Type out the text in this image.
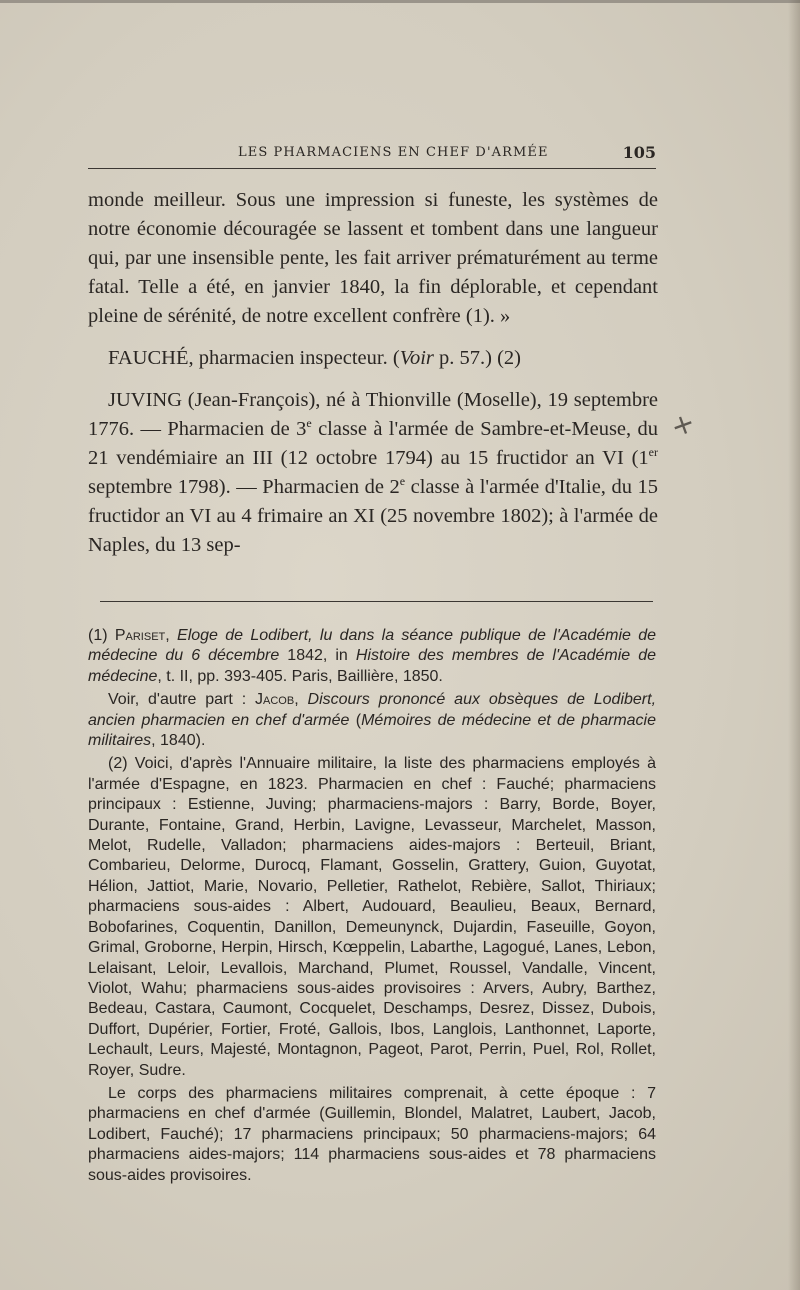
LES PHARMACIENS EN CHEF D'ARMÉE	105

monde meilleur. Sous une impression si funeste, les systèmes de notre économie découragée se lassent et tombent dans une langueur qui, par une insensible pente, les fait arriver prématurément au terme fatal. Telle a été, en janvier 1840, la fin déplorable, et cependant pleine de sérénité, de notre excellent confrère (1). »

FAUCHÉ, pharmacien inspecteur. (Voir p. 57.) (2)

JUVING (Jean-François), né à Thionville (Moselle), 19 septembre 1776. — Pharmacien de 3e classe à l'armée de Sambre-et-Meuse, du 21 vendémiaire an III (12 octobre 1794) au 15 fructidor an VI (1er septembre 1798). — Pharmacien de 2e classe à l'armée d'Italie, du 15 fructidor an VI au 4 frimaire an XI (25 novembre 1802); à l'armée de Naples, du 13 sep-

(1) Pariset, Eloge de Lodibert, lu dans la séance publique de l'Académie de médecine du 6 décembre 1842, in Histoire des membres de l'Académie de médecine, t. II, pp. 393-405. Paris, Baillière, 1850.

Voir, d'autre part : Jacob, Discours prononcé aux obsèques de Lodibert, ancien pharmacien en chef d'armée (Mémoires de médecine et de pharmacie militaires, 1840).

(2) Voici, d'après l'Annuaire militaire, la liste des pharmaciens employés à l'armée d'Espagne, en 1823. Pharmacien en chef : Fauché; pharmaciens principaux : Estienne, Juving; pharmaciens-majors : Barry, Borde, Boyer, Durante, Fontaine, Grand, Herbin, Lavigne, Levasseur, Marchelet, Masson, Melot, Rudelle, Valladon; pharmaciens aides-majors : Berteuil, Briant, Combarieu, Delorme, Durocq, Flamant, Gosselin, Grattery, Guion, Guyotat, Hélion, Jattiot, Marie, Novario, Pelletier, Rathelot, Rebière, Sallot, Thiriaux; pharmaciens sous-aides : Albert, Audouard, Beaulieu, Beaux, Bernard, Bobofarines, Coquentin, Danillon, Demeunynck, Dujardin, Faseuille, Goyon, Grimal, Groborne, Herpin, Hirsch, Kœppelin, Labarthe, Lagogué, Lanes, Lebon, Lelaisant, Leloir, Levallois, Marchand, Plumet, Roussel, Vandalle, Vincent, Violot, Wahu; pharmaciens sous-aides provisoires : Arvers, Aubry, Barthez, Bedeau, Castara, Caumont, Cocquelet, Deschamps, Desrez, Dissez, Dubois, Duffort, Dupérier, Fortier, Froté, Gallois, Ibos, Langlois, Lanthonnet, Laporte, Lechault, Leurs, Majesté, Montagnon, Pageot, Parot, Perrin, Puel, Rol, Rollet, Royer, Sudre.

Le corps des pharmaciens militaires comprenait, à cette époque : 7 pharmaciens en chef d'armée (Guillemin, Blondel, Malatret, Laubert, Jacob, Lodibert, Fauché); 17 pharmaciens principaux; 50 pharmaciens-majors; 64 pharmaciens aides-majors; 114 pharmaciens sous-aides et 78 pharmaciens sous-aides provisoires.

+
